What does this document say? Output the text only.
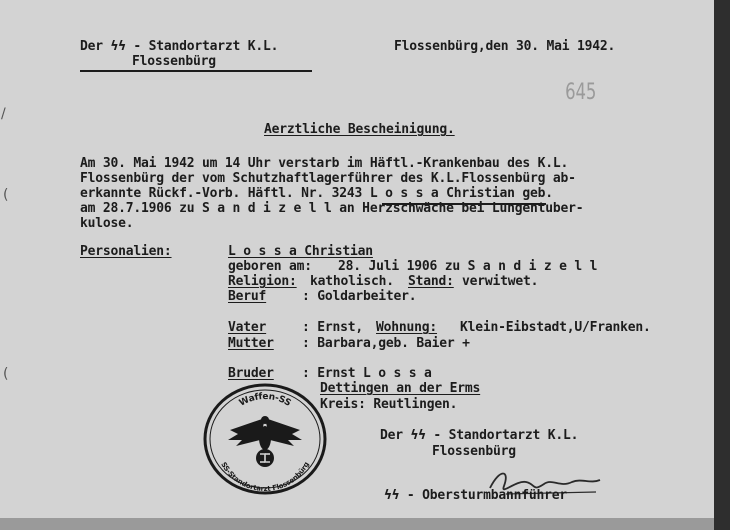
Der ϟϟ - Standortarzt K.L.
Flossenbürg
Flossenbürg,den 30. Mai 1942.
645
/
(
(
Aerztliche Bescheinigung.
Am 30. Mai 1942 um 14 Uhr verstarb im Häftl.-Krankenbau des K.L.
Flossenbürg der vom Schutzhaftlagerführer des K.L.Flossenbürg ab-
erkannte Rückf.-Vorb. Häftl. Nr. 3243 L o s s a Christian geb.
am 28.7.1906 zu S a n d i z e l l an Herzschwäche bei Lungentuber-
kulose.
Personalien:	L o s s a Christian
geboren am: 28. Juli 1906 zu S a n d i z e l l
Religion: katholisch. Stand: verwitwet.
Beruf	: Goldarbeiter.
Vater	: Ernst, Wohnung: Klein-Eibstadt,U/Franken.
Mutter : Barbara,geb. Baier +
Bruder : Ernst L o s s a
Dettingen an der Erms
Kreis: Reutlingen.
Der ϟϟ - Standortarzt K.L.
Flossenbürg
ϟϟ - Obersturmbannführer
Waffen-SS
SS-Standortarzt Flossenbürg
